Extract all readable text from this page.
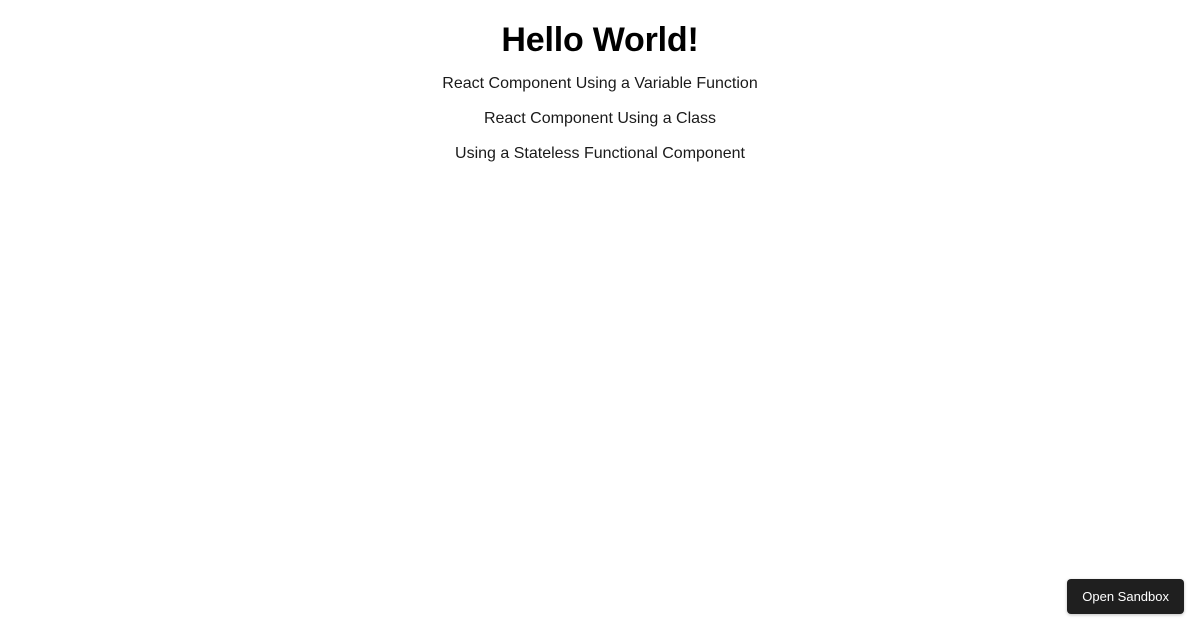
Hello World!
React Component Using a Variable Function
React Component Using a Class
Using a Stateless Functional Component
Open Sandbox
